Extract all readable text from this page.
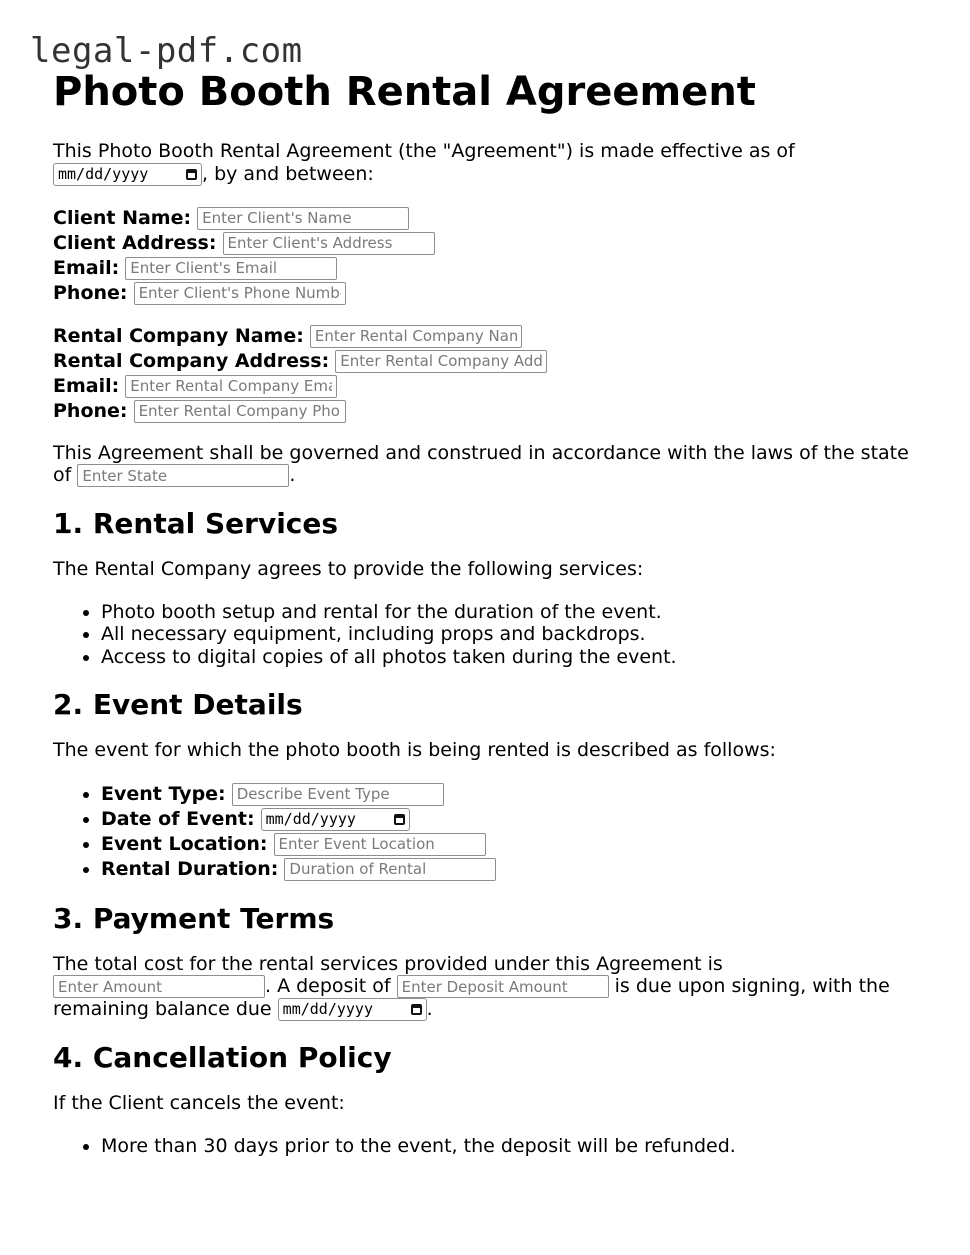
legal-pdf.com
Photo Booth Rental Agreement

This Photo Booth Rental Agreement (the "Agreement") is made effective as of

mm/dd/yyyy	, by and between:

Client Name: Enter Client's Name
Client Address: Enter Client's Address
Email: Enter Client's Email
Phone: Enter Client's Phone Number
Rental Company Name: Enter Rental Company Name
Rental Company Address: Enter Rental Company Address
Email: Enter Rental Company Email
Phone: Enter Rental Company Phone

This Agreement shall be governed and construed in accordance with the laws of the state of Enter State	.

1. Rental Services

The Rental Company agrees to provide the following services:

• Photo booth setup and rental for the duration of the event.
• All necessary equipment, including props and backdrops.
• Access to digital copies of all photos taken during the event.
2. Event Details

The event for which the photo booth is being rented is described as follows:

• Event Type: Describe Event Type
• Date of Event: mm/dd/yyyy
• Event Location: Enter Event Location
• Rental Duration: Duration of Rental
3. Payment Terms

The total cost for the rental services provided under this Agreement is
Enter Amount. A deposit of Enter Deposit Amount	is due upon signing, with the remaining balance due mm/dd/yyyy	.

4. Cancellation Policy

If the Client cancels the event:

• More than 30 days prior to the event, the deposit will be refunded.
